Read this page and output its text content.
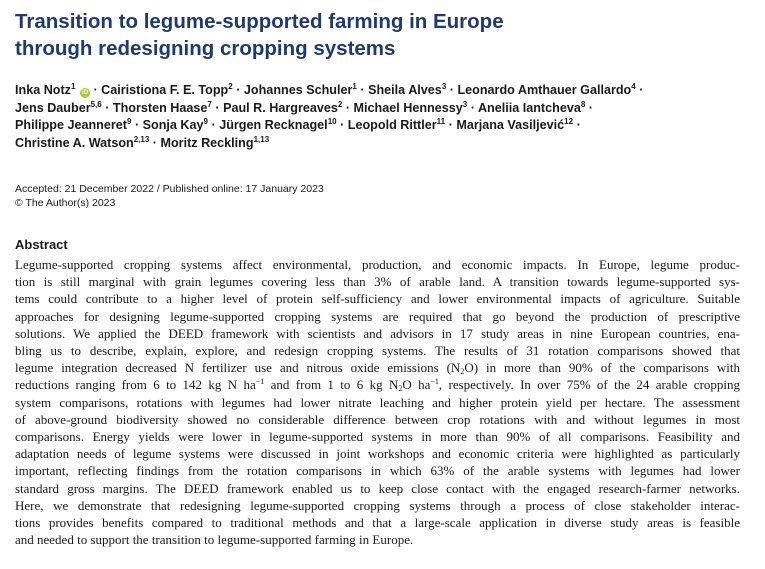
Transition to legume-supported farming in Europe
through redesigning cropping systems
Inka Notz$^1$ iD · Cairistiona F. E. Topp$^2$ · Johannes Schuler$^1$ · Sheila Alves$^3$ · Leonardo Amthauer Gallardo$^4$ ·
Jens Dauber$^{5,6}$ · Thorsten Haase$^7$ · Paul R. Hargreaves$^2$ · Michael Hennessy$^3$ · Aneliia Iantcheva$^8$ ·
Philippe Jeanneret$^9$ · Sonja Kay$^9$ · Jürgen Recknagel$^{10}$ · Leopold Rittler$^{11}$ · Marjana Vasiljević$^{12}$ ·
Christine A. Watson$^{2,13}$ · Moritz Reckling$^{1,13}$
Accepted: 21 December 2022 / Published online: 17 January 2023
© The Author(s) 2023
Abstract
Legume-supported cropping systems affect environmental, production, and economic impacts. In Europe, legume produc-
tion is still marginal with grain legumes covering less than 3% of arable land. A transition towards legume-supported sys-
tems could contribute to a higher level of protein self-sufficiency and lower environmental impacts of agriculture. Suitable
approaches for designing legume-supported cropping systems are required that go beyond the production of prescriptive
solutions. We applied the DEED framework with scientists and advisors in 17 study areas in nine European countries, ena-
bling us to describe, explain, explore, and redesign cropping systems. The results of 31 rotation comparisons showed that
legume integration decreased N fertilizer use and nitrous oxide emissions $(N_2O)$ in more than 90% of the comparisons with
reductions ranging from 6 to 142 kg N $ha^{-1}$ and from 1 to 6 kg $N_2O$ $ha^{-1}$, respectively. In over 75% of the 24 arable cropping
system comparisons, rotations with legumes had lower nitrate leaching and higher protein yield per hectare. The assessment
of above-ground biodiversity showed no considerable difference between crop rotations with and without legumes in most
comparisons. Energy yields were lower in legume-supported systems in more than 90% of all comparisons. Feasibility and
adaptation needs of legume systems were discussed in joint workshops and economic criteria were highlighted as particularly
important, reflecting findings from the rotation comparisons in which 63% of the arable systems with legumes had lower
standard gross margins. The DEED framework enabled us to keep close contact with the engaged research-farmer networks.
Here, we demonstrate that redesigning legume-supported cropping systems through a process of close stakeholder interac-
tions provides benefits compared to traditional methods and that a large-scale application in diverse study areas is feasible
and needed to support the transition to legume-supported farming in Europe.
